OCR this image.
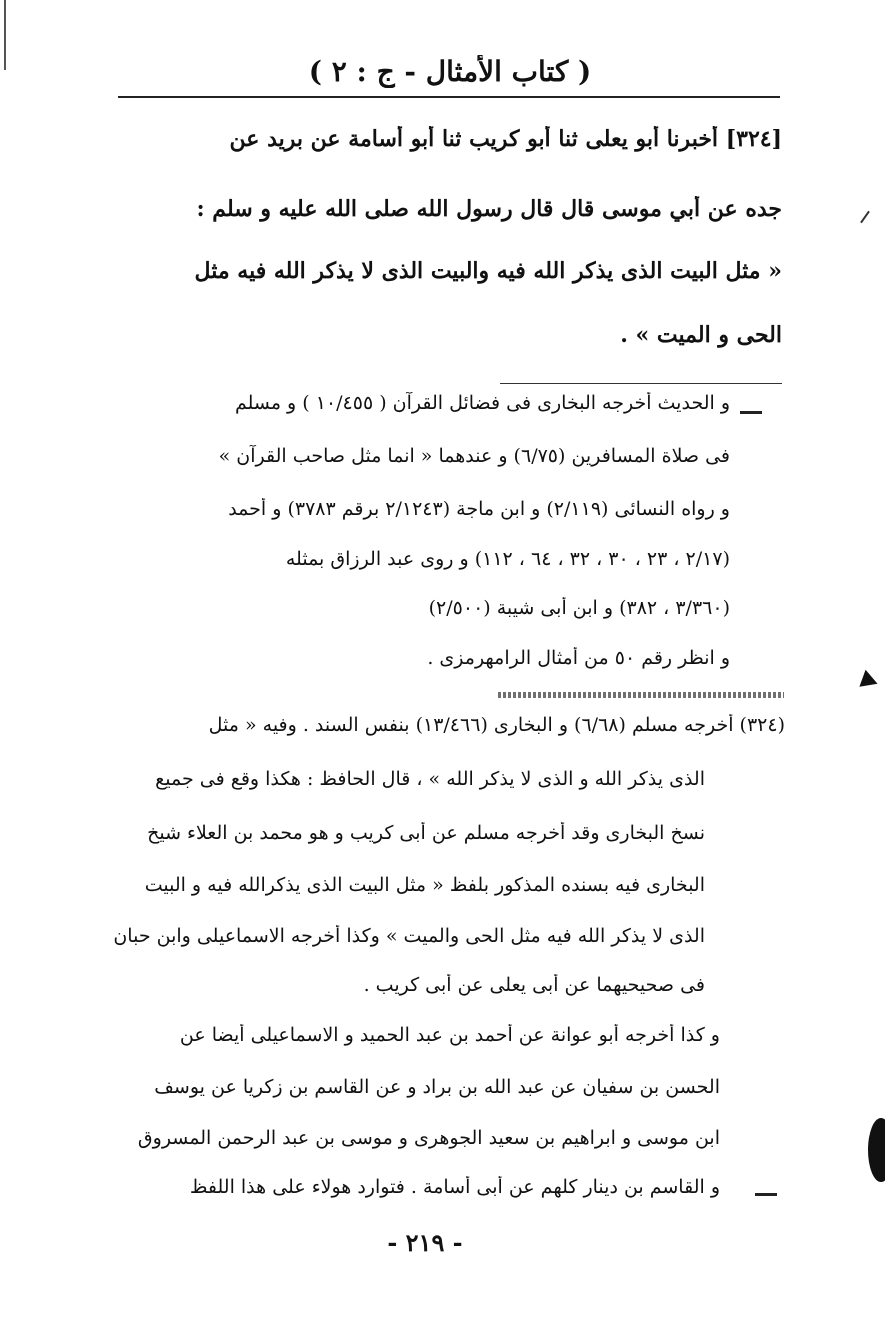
( كتاب الأمثال - ج : ٢ )
[٣٢٤] أخبرنا أبو يعلى ثنا أبو كريب ثنا أبو أسامة عن بريد عن
جده عن أبي موسى قال قال رسول الله صلى الله عليه و سلم :
« مثل البيت الذى يذكر الله فيه والبيت الذى لا يذكر الله فيه مثل
الحى و الميت » .
و الحديث أخرجه البخارى فى فضائل القرآن ( ١٠/٤٥٥ ) و مسلم
فى صلاة المسافرين (٦/٧٥) و عندهما « انما مثل صاحب القرآن »
و رواه النسائى (٢/١١٩) و ابن ماجة (٢/١٢٤٣ برقم ٣٧٨٣) و أحمد
(٢/١٧ ، ٢٣ ، ٣٠ ، ٣٢ ، ٦٤ ، ١١٢) و روى عبد الرزاق بمثله
(٣/٣٦٠ ، ٣٨٢) و ابن أبى شيبة (٢/٥٠٠)
و انظر رقم ٥٠ من أمثال الرامهرمزى .
(٣٢٤) أخرجه مسلم (٦/٦٨) و البخارى (١٣/٤٦٦) بنفس السند . وفيه « مثل
الذى يذكر الله و الذى لا يذكر الله » ، قال الحافظ : هكذا وقع فى جميع
نسخ البخارى وقد أخرجه مسلم عن أبى كريب و هو محمد بن العلاء شيخ
البخارى فيه بسنده المذكور بلفظ « مثل البيت الذى يذكرالله فيه و البيت
الذى لا يذكر الله فيه مثل الحى والميت » وكذا أخرجه الاسماعيلى وابن حبان
فى صحيحيهما عن أبى يعلى عن أبى كريب .
و كذا أخرجه أبو عوانة عن أحمد بن عبد الحميد و الاسماعيلى أيضا عن
الحسن بن سفيان عن عبد الله بن براد و عن القاسم بن زكريا عن يوسف
ابن موسى و ابراهيم بن سعيد الجوهرى و موسى بن عبد الرحمن المسروق
و القاسم بن دينار كلهم عن أبى أسامة . فتوارد هولاء على هذا اللفظ
- ٢١٩ -
